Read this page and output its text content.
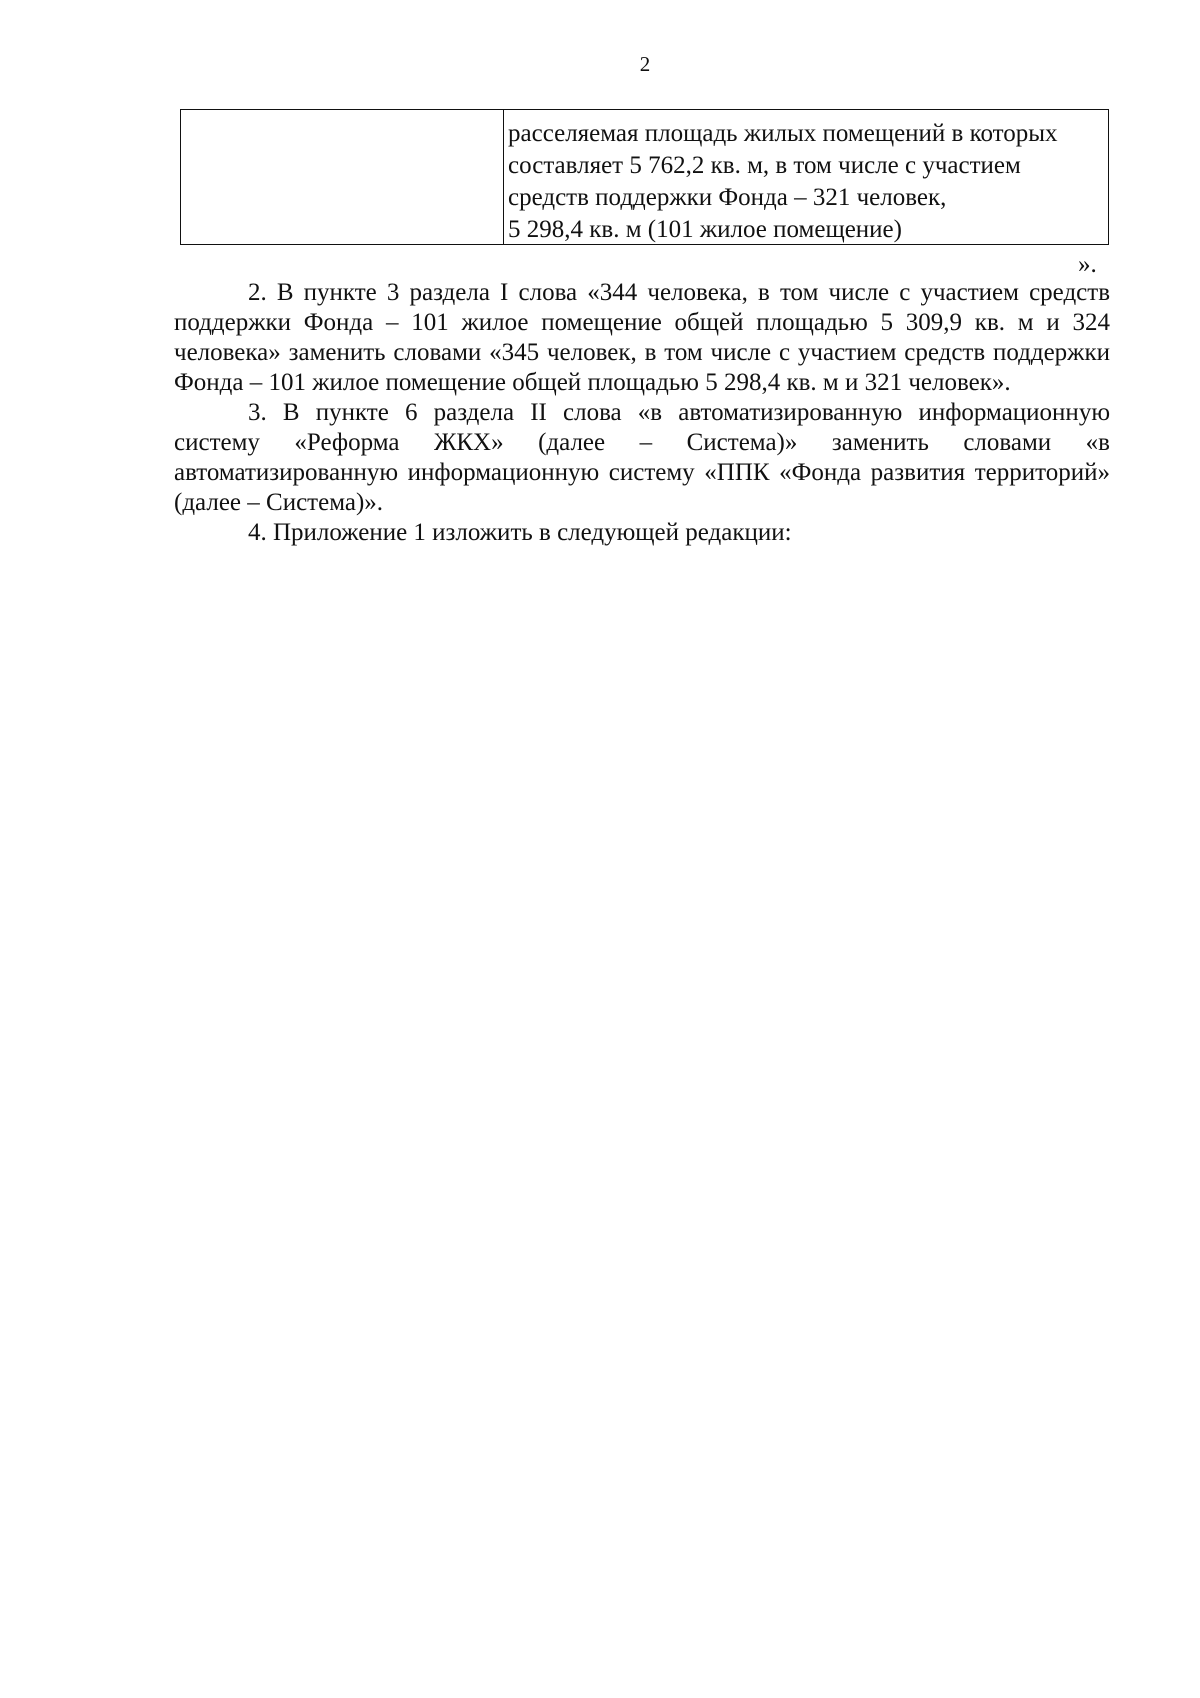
2
расселяемая площадь жилых помещений в которых
составляет 5 762,2 кв. м, в том числе с участием
средств поддержки Фонда – 321 человек,
5 298,4 кв. м (101 жилое помещение)
».

2. В пункте 3 раздела I слова «344 человека, в том числе с участием средств поддержки Фонда – 101 жилое помещение общей площадью 5 309,9 кв. м и 324 человека» заменить словами «345 человек, в том числе с участием средств поддержки Фонда – 101 жилое помещение общей площадью 5 298,4 кв. м и 321 человек».

3. В пункте 6 раздела II слова «в автоматизированную информационную систему «Реформа ЖКХ» (далее – Система)» заменить словами «в автоматизированную информационную систему «ППК «Фонда развития территорий» (далее – Система)».

4. Приложение 1 изложить в следующей редакции:
